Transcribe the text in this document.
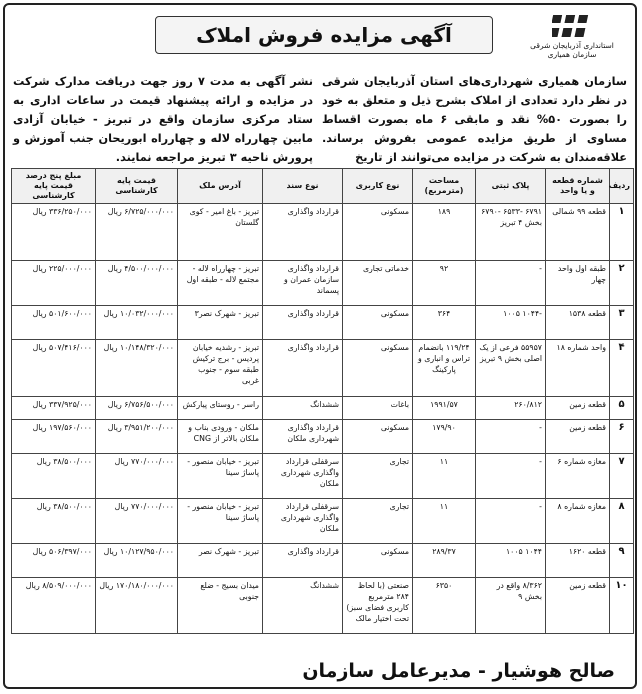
آگهی مزایده فروش املاک	استانداری آذربایجان شرقی
سازمان همیاری
سازمان همیاری شهرداری‌های استان آذربایجان شرقی در نظر دارد تعدادی از املاک بشرح ذیل و متعلق به خود را بصورت ۵۰% نقد و مابقی ۶ ماه بصورت اقساط مساوی از طریق مزایده عمومی بفروش برساند. علاقه‌مندان به شرکت در مزایده می‌توانند از تاریخ
نشر آگهی به مدت ۷ روز جهت دریافت مدارک شرکت در مزایده و ارائه پیشنهاد قیمت در ساعات اداری به ستاد مرکزی سازمان واقع در تبریز - خیابان آزادی مابین چهارراه لاله و چهارراه ابوریحان جنب آموزش و پرورش ناحیه ۳ تبریز مراجعه نمایند.
ردیف	شماره قطعه و یا واحد	پلاک ثبتی	مساحت (مترمربع)	نوع کاربری	نوع سند	آدرس ملک	قیمت پایه کارشناسی	مبلغ پنج درصد قیمت پایه کارشناسی
۱	قطعه ۹۹ شمالی	۶۷۹۱ -۶۵۳۳ -۶۷۹۰ بخش ۴ تبریز	۱۸۹	مسکونی	قرارداد واگذاری	تبریز - باغ امیر - کوی گلستان	۶/۷۲۵/۰۰۰/۰۰۰ ریال	۳۳۶/۲۵۰/۰۰۰ ریال
۲	طبقه اول واحد چهار	-	۹۲	خدماتی تجاری	قرارداد واگذاری سازمان عمران و پسماند	تبریز - چهارراه لاله - مجتمع لاله - طبقه اول	۴/۵۰۰/۰۰۰/۰۰۰ ریال	۲۲۵/۰۰۰/۰۰۰ ریال
۳	قطعه ۱۵۳۸	-۱۰۴۴ ۱۰۰۵	۳۶۴	مسکونی	قرارداد واگذاری	تبریز - شهرک نصر۳	۱۰/۰۳۲/۰۰۰/۰۰۰ ریال	۵۰۱/۶۰۰/۰۰۰ ریال
۴	واحد شماره ۱۸	۵۵۹۵۷ فرعی از یک اصلی بخش ۹ تبریز	۱۱۹/۲۴ بانضمام تراس و انباری و پارکینگ	مسکونی	قرارداد واگذاری	تبریز - رشدیه خیابان پردیس - برج ترکیش طبقه سوم - جنوب غربی	۱۰/۱۴۸/۳۲۰/۰۰۰ ریال	۵۰۷/۴۱۶/۰۰۰ ریال
۵	قطعه زمین	۲۶۰/۸۱۲	۱۹۹۱/۵۷	باغات	ششدانگ	راسر - روستای پیارکش	۶/۷۵۶/۵۰۰/۰۰۰ ریال	۳۳۷/۹۲۵/۰۰۰ ریال
۶	قطعه زمین	-	۱۷۹/۹۰	مسکونی	قرارداد واگذاری شهرداری ملکان	ملکان - ورودی بناب و ملکان بالاتر از CNG	۳/۹۵۱/۲۰۰/۰۰۰ ریال	۱۹۷/۵۶۰/۰۰۰ ریال
۷	مغازه شماره ۶	-	۱۱	تجاری	سرقفلی قرارداد واگذاری شهرداری ملکان	تبریز - خیابان منصور - پاساژ سینا	۷۷۰/۰۰۰/۰۰۰ ریال	۳۸/۵۰۰/۰۰۰ ریال
۸	مغازه شماره ۸	-	۱۱	تجاری	سرقفلی قرارداد واگذاری شهرداری ملکان	تبریز - خیابان منصور - پاساژ سینا	۷۷۰/۰۰۰/۰۰۰ ریال	۳۸/۵۰۰/۰۰۰ ریال
۹	قطعه ۱۶۲۰	۱۰۴۴ ۱۰۰۵	۲۸۹/۳۷	مسکونی	قرارداد واگذاری	تبریز - شهرک نصر	۱۰/۱۲۷/۹۵۰/۰۰۰ ریال	۵۰۶/۳۹۷/۰۰۰ ریال
۱۰	قطعه زمین	۸/۳۶۲ واقع در بخش ۹	۶۳۵۰	صنعتی (با لحاظ ۲۸۴ مترمربع کاربری فضای سبز) تحت اختیار مالک	ششدانگ	میدان بسیج - ضلع جنوبی	۱۷۰/۱۸۰/۰۰۰/۰۰۰ ریال	۸/۵۰۹/۰۰۰/۰۰۰ ریال
صالح هوشیار - مدیرعامل سازمان
